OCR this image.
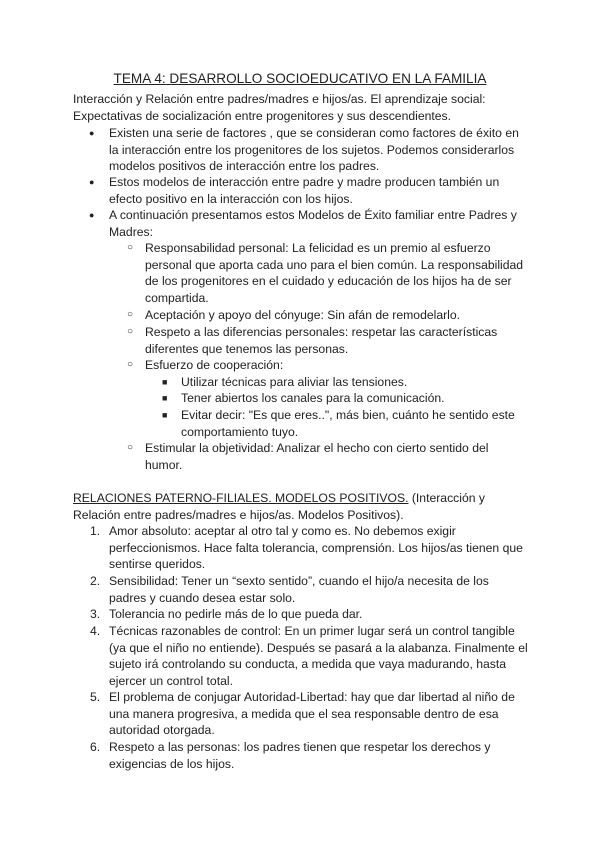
TEMA 4: DESARROLLO SOCIOEDUCATIVO EN LA FAMILIA
Interacción y Relación entre padres/madres e hijos/as. El aprendizaje social:
Expectativas de socialización entre progenitores y sus descendientes.
● Existen una serie de factores , que se consideran como factores de éxito en
la interacción entre los progenitores de los sujetos. Podemos considerarlos
modelos positivos de interacción entre los padres.
● Estos modelos de interacción entre padre y madre producen también un
efecto positivo en la interacción con los hijos.
● A continuación presentamos estos Modelos de Éxito familiar entre Padres y
Madres:
○ Responsabilidad personal: La felicidad es un premio al esfuerzo
personal que aporta cada uno para el bien común. La responsabilidad
de los progenitores en el cuidado y educación de los hijos ha de ser
compartida.
○ Aceptación y apoyo del cónyuge: Sin afán de remodelarlo.
○ Respeto a las diferencias personales: respetar las características
diferentes que tenemos las personas.
○ Esfuerzo de cooperación:
■ Utilizar técnicas para aliviar las tensiones.
■ Tener abiertos los canales para la comunicación.
■ Evitar decir: "Es que eres..", más bien, cuánto he sentido este
comportamiento tuyo.
○ Estimular la objetividad: Analizar el hecho con cierto sentido del
humor.
RELACIONES PATERNO-FILIALES. MODELOS POSITIVOS. (Interacción y
Relación entre padres/madres e hijos/as. Modelos Positivos).
1. Amor absoluto: aceptar al otro tal y como es. No debemos exigir
perfeccionismos. Hace falta tolerancia, comprensión. Los hijos/as tienen que
sentirse queridos.
2. Sensibilidad: Tener un “sexto sentido”, cuando el hijo/a necesita de los
padres y cuando desea estar solo.
3. Tolerancia no pedirle más de lo que pueda dar.
4. Técnicas razonables de control: En un primer lugar será un control tangible
(ya que el niño no entiende). Después se pasará a la alabanza. Finalmente el
sujeto irá controlando su conducta, a medida que vaya madurando, hasta
ejercer un control total.
5. El problema de conjugar Autoridad-Libertad: hay que dar libertad al niño de
una manera progresiva, a medida que el sea responsable dentro de esa
autoridad otorgada.
6. Respeto a las personas: los padres tienen que respetar los derechos y
exigencias de los hijos.
